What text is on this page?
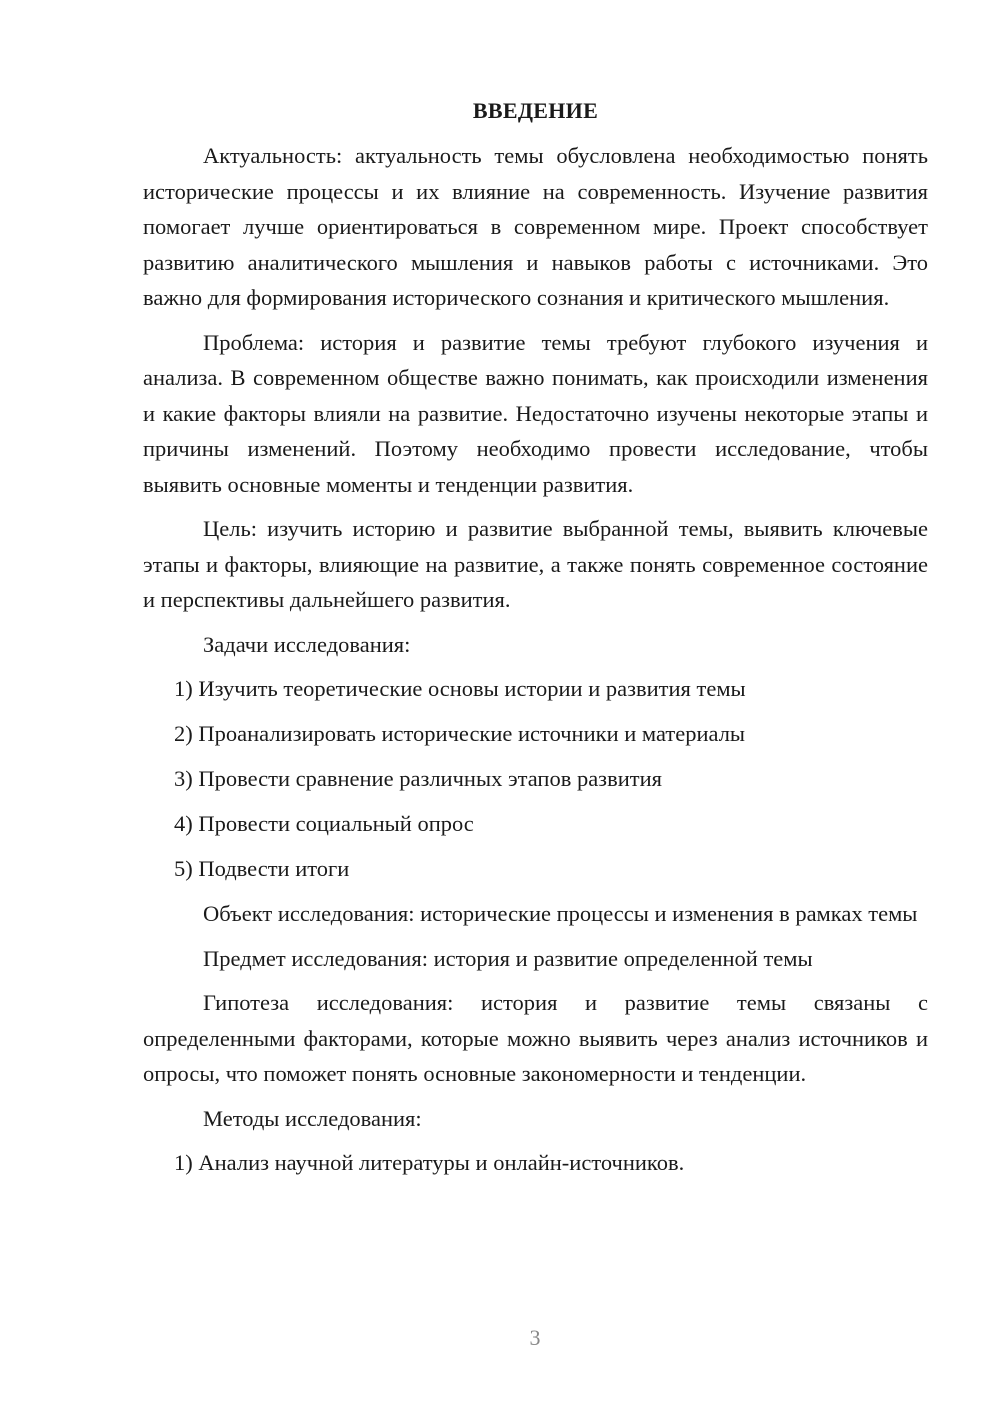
ВВЕДЕНИЕ

Актуальность: актуальность темы обусловлена необходимостью понять исторические процессы и их влияние на современность. Изучение развития помогает лучше ориентироваться в современном мире. Проект способствует развитию аналитического мышления и навыков работы с источниками. Это важно для формирования исторического сознания и критического мышления.

Проблема: история и развитие темы требуют глубокого изучения и анализа. В современном обществе важно понимать, как происходили изменения и какие факторы влияли на развитие. Недостаточно изучены некоторые этапы и причины изменений. Поэтому необходимо провести исследование, чтобы выявить основные моменты и тенденции развития.

Цель: изучить историю и развитие выбранной темы, выявить ключевые этапы и факторы, влияющие на развитие, а также понять современное состояние и перспективы дальнейшего развития.

Задачи исследования:

1) Изучить теоретические основы истории и развития темы
2) Проанализировать исторические источники и материалы
3) Провести сравнение различных этапов развития
4) Провести социальный опрос
5) Подвести итоги

Объект исследования: исторические процессы и изменения в рамках темы

Предмет исследования: история и развитие определенной темы

Гипотеза исследования: история и развитие темы связаны с определенными факторами, которые можно выявить через анализ источников и опросы, что поможет понять основные закономерности и тенденции.

Методы исследования:

1) Анализ научной литературы и онлайн-источников.
3
